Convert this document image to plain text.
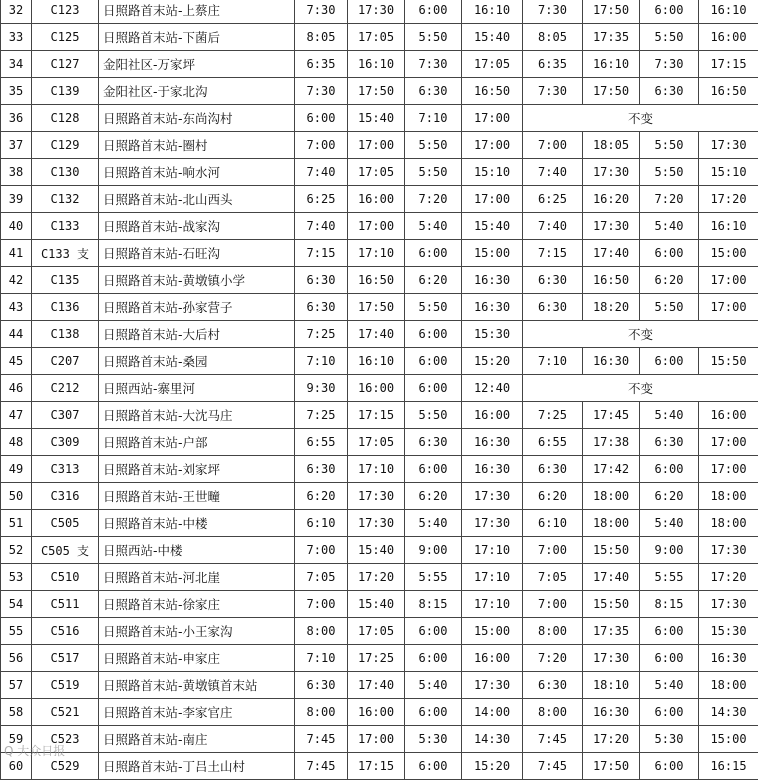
32	C123	日照路首末站-上蔡庄	7:30	17:30	6:00	16:10	7:30	17:50	6:00	16:10
33	C125	日照路首末站-下菌后	8:05	17:05	5:50	15:40	8:05	17:35	5:50	16:00
34	C127	金阳社区-万家坪	6:35	16:10	7:30	17:05	6:35	16:10	7:30	17:15
35	C139	金阳社区-于家北沟	7:30	17:50	6:30	16:50	7:30	17:50	6:30	16:50
36	C128	日照路首末站-东尚沟村	6:00	15:40	7:10	17:00	不变			
37	C129	日照路首末站-圈村	7:00	17:00	5:50	17:00	7:00	18:05	5:50	17:30
38	C130	日照路首末站-响水河	7:40	17:05	5:50	15:10	7:40	17:30	5:50	15:10
39	C132	日照路首末站-北山西头	6:25	16:00	7:20	17:00	6:25	16:20	7:20	17:20
40	C133	日照路首末站-战家沟	7:40	17:00	5:40	15:40	7:40	17:30	5:40	16:10
41	C133 支	日照路首末站-石旺沟	7:15	17:10	6:00	15:00	7:15	17:40	6:00	15:00
42	C135	日照路首末站-黄墩镇小学	6:30	16:50	6:20	16:30	6:30	16:50	6:20	17:00
43	C136	日照路首末站-孙家营子	6:30	17:50	5:50	16:30	6:30	18:20	5:50	17:00
44	C138	日照路首末站-大后村	7:25	17:40	6:00	15:30	不变			
45	C207	日照路首末站-桑园	7:10	16:10	6:00	15:20	7:10	16:30	6:00	15:50
46	C212	日照西站-寨里河	9:30	16:00	6:00	12:40	不变			
47	C307	日照路首末站-大沈马庄	7:25	17:15	5:50	16:00	7:25	17:45	5:40	16:00
48	C309	日照路首末站-户部	6:55	17:05	6:30	16:30	6:55	17:38	6:30	17:00
49	C313	日照路首末站-刘家坪	6:30	17:10	6:00	16:30	6:30	17:42	6:00	17:00
50	C316	日照路首末站-王世疃	6:20	17:30	6:20	17:30	6:20	18:00	6:20	18:00
51	C505	日照路首末站-中楼	6:10	17:30	5:40	17:30	6:10	18:00	5:40	18:00
52	C505 支	日照西站-中楼	7:00	15:40	9:00	17:10	7:00	15:50	9:00	17:30
53	C510	日照路首末站-河北崖	7:05	17:20	5:55	17:10	7:05	17:40	5:55	17:20
54	C511	日照路首末站-徐家庄	7:00	15:40	8:15	17:10	7:00	15:50	8:15	17:30
55	C516	日照路首末站-小王家沟	8:00	17:05	6:00	15:00	8:00	17:35	6:00	15:30
56	C517	日照路首末站-申家庄	7:10	17:25	6:00	16:00	7:20	17:30	6:00	16:30
57	C519	日照路首末站-黄墩镇首末站	6:30	17:40	5:40	17:30	6:30	18:10	5:40	18:00
58	C521	日照路首末站-李家官庄	8:00	16:00	6:00	14:00	8:00	16:30	6:00	14:30
59	C523	日照路首末站-南庄	7:45	17:00	5:30	14:30	7:45	17:20	5:30	15:00
60	C529	日照路首末站-丁吕土山村	7:45	17:15	6:00	15:20	7:45	17:50	6:00	16:15
Q 大众日报
